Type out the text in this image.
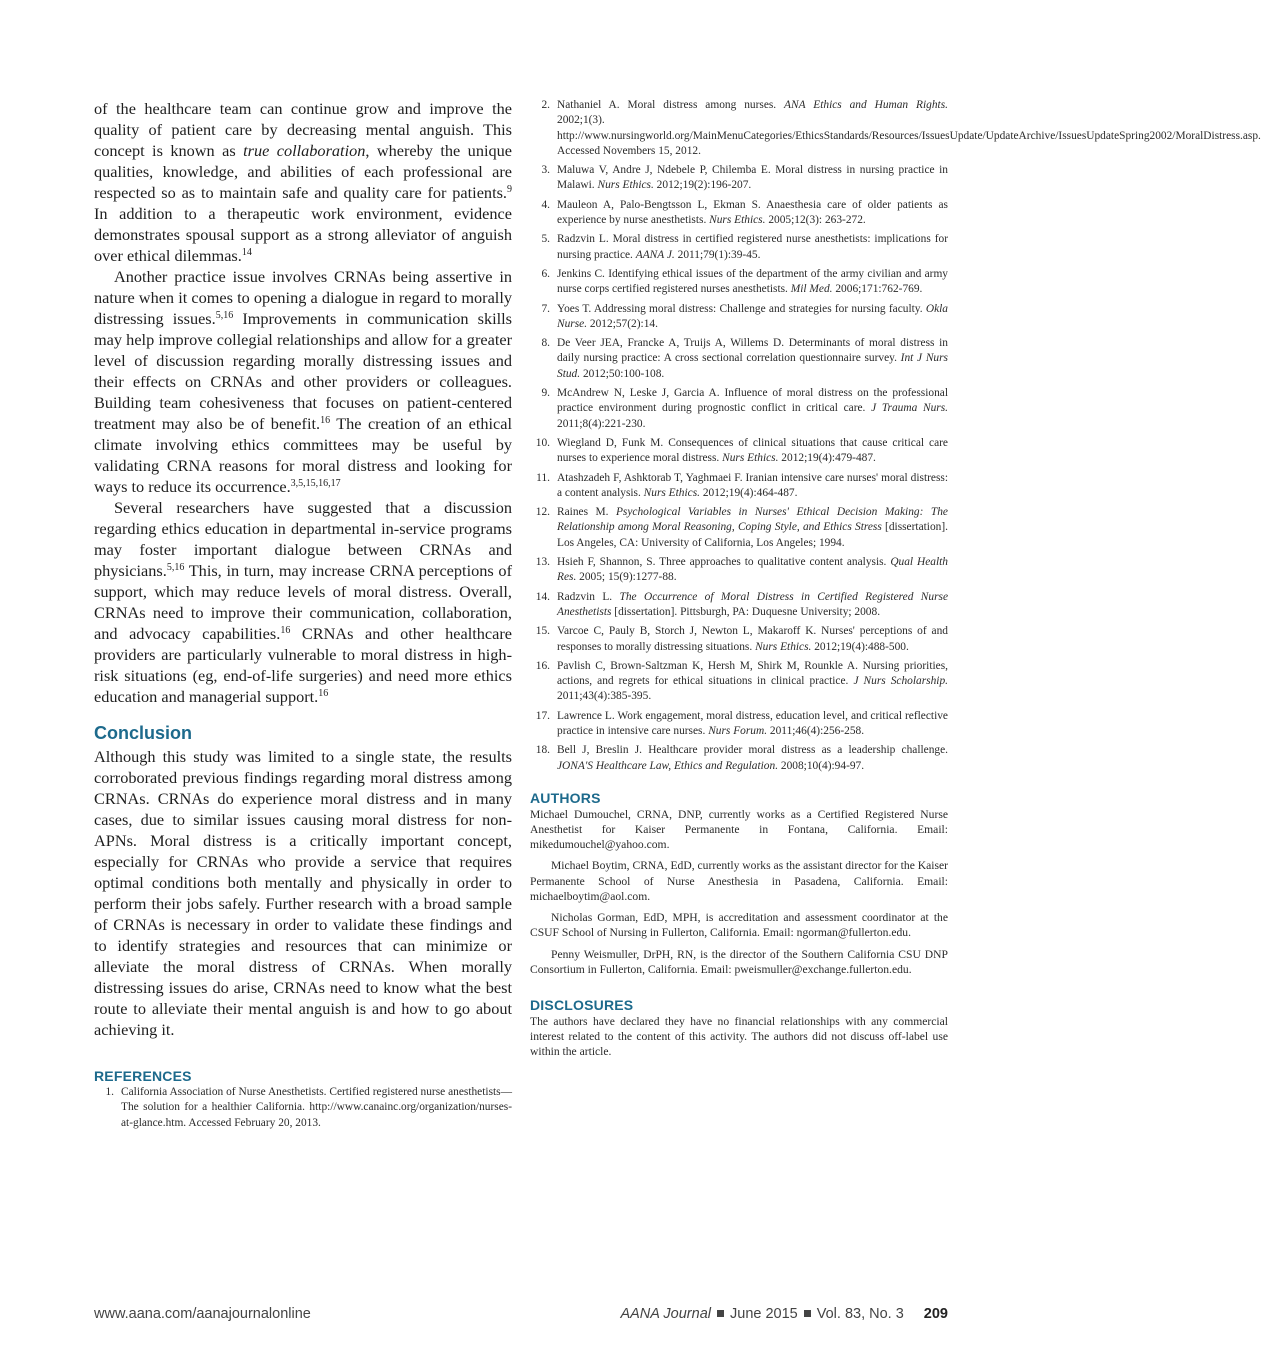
of the healthcare team can continue grow and improve the quality of patient care by decreasing mental anguish. This concept is known as true collaboration, whereby the unique qualities, knowledge, and abilities of each professional are respected so as to maintain safe and quality care for patients.$^9$ In addition to a therapeutic work environment, evidence demonstrates spousal support as a strong alleviator of anguish over ethical dilemmas.$^{14}$

Another practice issue involves CRNAs being assertive in nature when it comes to opening a dialogue in regard to morally distressing issues.$^{5,16}$ Improvements in communication skills may help improve collegial relationships and allow for a greater level of discussion regarding morally distressing issues and their effects on CRNAs and other providers or colleagues. Building team cohesiveness that focuses on patient-centered treatment may also be of benefit.$^{16}$ The creation of an ethical climate involving ethics committees may be useful by validating CRNA reasons for moral distress and looking for ways to reduce its occurrence.$^{3,5,15,16,17}$

Several researchers have suggested that a discussion regarding ethics education in departmental in-service programs may foster important dialogue between CRNAs and physicians.$^{5,16}$ This, in turn, may increase CRNA perceptions of support, which may reduce levels of moral distress. Overall, CRNAs need to improve their communication, collaboration, and advocacy capabilities.$^{16}$ CRNAs and other healthcare providers are particularly vulnerable to moral distress in high-risk situations (eg, end-of-life surgeries) and need more ethics education and managerial support.$^{16}$

Conclusion

Although this study was limited to a single state, the results corroborated previous findings regarding moral distress among CRNAs. CRNAs do experience moral distress and in many cases, due to similar issues causing moral distress for non-APNs. Moral distress is a critically important concept, especially for CRNAs who provide a service that requires optimal conditions both mentally and physically in order to perform their jobs safely. Further research with a broad sample of CRNAs is necessary in order to validate these findings and to identify strategies and resources that can minimize or alleviate the moral distress of CRNAs. When morally distressing issues do arise, CRNAs need to know what the best route to alleviate their mental anguish is and how to go about achieving it.

REFERENCES
1. California Association of Nurse Anesthetists. Certified registered nurse anesthetists—The solution for a healthier California. http://www.canainc.org/organization/nurses-at-glance.htm. Accessed February 20, 2013.
2. Nathaniel A. Moral distress among nurses. ANA Ethics and Human Rights. 2002;1(3). http://www.nursingworld.org/MainMenuCategories/EthicsStandards/Resources/IssuesUpdate/UpdateArchive/IssuesUpdateSpring2002/MoralDistress.asp. Accessed Novembers 15, 2012.
3. Maluwa V, Andre J, Ndebele P, Chilemba E. Moral distress in nursing practice in Malawi. Nurs Ethics. 2012;19(2):196-207.
4. Mauleon A, Palo-Bengtsson L, Ekman S. Anaesthesia care of older patients as experience by nurse anesthetists. Nurs Ethics. 2005;12(3): 263-272.
5. Radzvin L. Moral distress in certified registered nurse anesthetists: implications for nursing practice. AANA J. 2011;79(1):39-45.
6. Jenkins C. Identifying ethical issues of the department of the army civilian and army nurse corps certified registered nurses anesthetists. Mil Med. 2006;171:762-769.
7. Yoes T. Addressing moral distress: Challenge and strategies for nursing faculty. Okla Nurse. 2012;57(2):14.
8. De Veer JEA, Francke A, Truijs A, Willems D. Determinants of moral distress in daily nursing practice: A cross sectional correlation questionnaire survey. Int J Nurs Stud. 2012;50:100-108.
9. McAndrew N, Leske J, Garcia A. Influence of moral distress on the professional practice environment during prognostic conflict in critical care. J Trauma Nurs. 2011;8(4):221-230.
10. Wiegland D, Funk M. Consequences of clinical situations that cause critical care nurses to experience moral distress. Nurs Ethics. 2012;19(4):479-487.
11. Atashzadeh F, Ashktorab T, Yaghmaei F. Iranian intensive care nurses' moral distress: a content analysis. Nurs Ethics. 2012;19(4):464-487.
12. Raines M. Psychological Variables in Nurses' Ethical Decision Making: The Relationship among Moral Reasoning, Coping Style, and Ethics Stress [dissertation]. Los Angeles, CA: University of California, Los Angeles; 1994.
13. Hsieh F, Shannon, S. Three approaches to qualitative content analysis. Qual Health Res. 2005; 15(9):1277-88.
14. Radzvin L. The Occurrence of Moral Distress in Certified Registered Nurse Anesthetists [dissertation]. Pittsburgh, PA: Duquesne University; 2008.
15. Varcoe C, Pauly B, Storch J, Newton L, Makaroff K. Nurses' perceptions of and responses to morally distressing situations. Nurs Ethics. 2012;19(4):488-500.
16. Pavlish C, Brown-Saltzman K, Hersh M, Shirk M, Rounkle A. Nursing priorities, actions, and regrets for ethical situations in clinical practice. J Nurs Scholarship. 2011;43(4):385-395.
17. Lawrence L. Work engagement, moral distress, education level, and critical reflective practice in intensive care nurses. Nurs Forum. 2011;46(4):256-258.
18. Bell J, Breslin J. Healthcare provider moral distress as a leadership challenge. JONA'S Healthcare Law, Ethics and Regulation. 2008;10(4):94-97.
AUTHORS

Michael Dumouchel, CRNA, DNP, currently works as a Certified Registered Nurse Anesthetist for Kaiser Permanente in Fontana, California. Email: mikedumouchel@yahoo.com.

Michael Boytim, CRNA, EdD, currently works as the assistant director for the Kaiser Permanente School of Nurse Anesthesia in Pasadena, California. Email: michaelboytim@aol.com.

Nicholas Gorman, EdD, MPH, is accreditation and assessment coordinator at the CSUF School of Nursing in Fullerton, California. Email: ngorman@fullerton.edu.

Penny Weismuller, DrPH, RN, is the director of the Southern California CSU DNP Consortium in Fullerton, California. Email: pweismuller@exchange.fullerton.edu.

DISCLOSURES

The authors have declared they have no financial relationships with any commercial interest related to the content of this activity. The authors did not discuss off-label use within the article.

www.aana.com/aanajournalonline	AANA Journal June 2015 Vol. 83, No. 3 209
